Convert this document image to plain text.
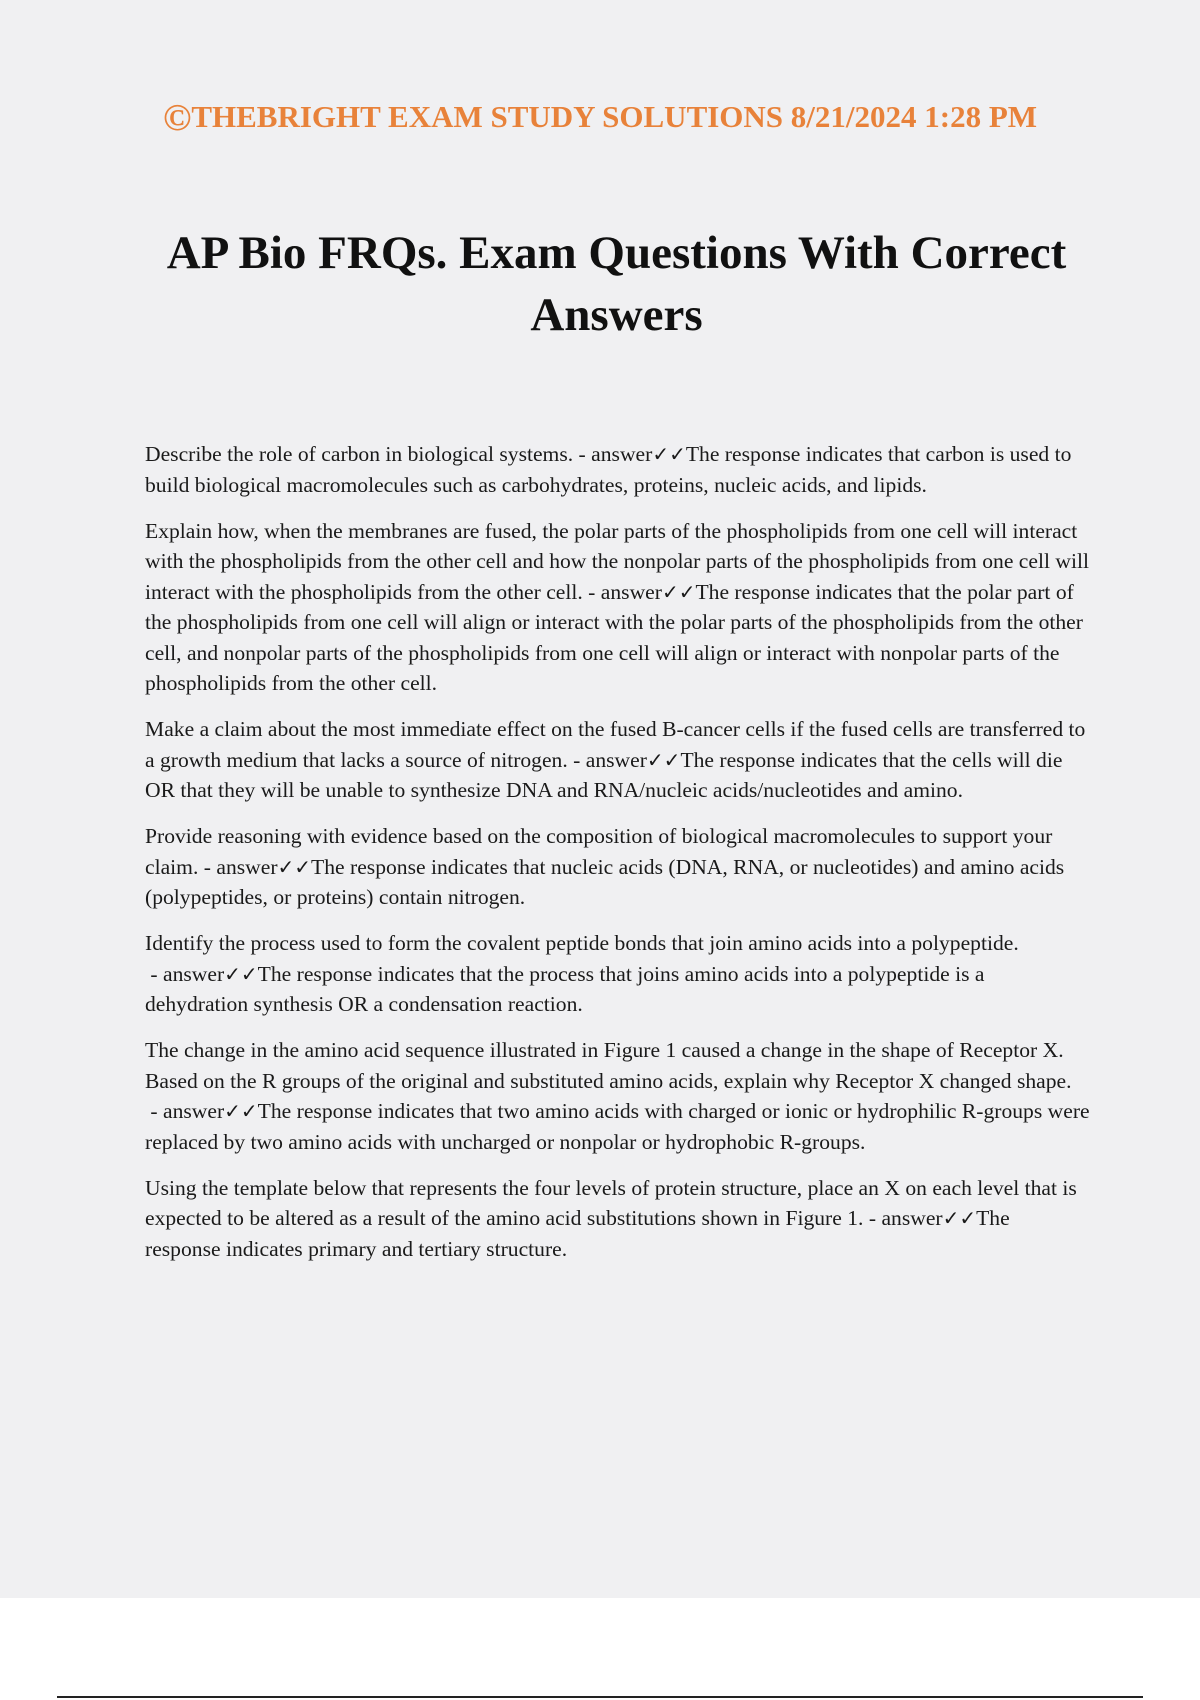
©THEBRIGHT EXAM STUDY SOLUTIONS 8/21/2024 1:28 PM
AP Bio FRQs. Exam Questions With Correct Answers

Describe the role of carbon in biological systems. - answer✓✓The response indicates that carbon is used to build biological macromolecules such as carbohydrates, proteins, nucleic acids, and lipids.

Explain how, when the membranes are fused, the polar parts of the phospholipids from one cell will interact with the phospholipids from the other cell and how the nonpolar parts of the phospholipids from one cell will interact with the phospholipids from the other cell. - answer✓✓The response indicates that the polar part of the phospholipids from one cell will align or interact with the polar parts of the phospholipids from the other cell, and nonpolar parts of the phospholipids from one cell will align or interact with nonpolar parts of the phospholipids from the other cell.

Make a claim about the most immediate effect on the fused B-cancer cells if the fused cells are transferred to a growth medium that lacks a source of nitrogen. - answer✓✓The response indicates that the cells will die OR that they will be unable to synthesize DNA and RNA/nucleic acids/nucleotides and amino.

Provide reasoning with evidence based on the composition of biological macromolecules to support your claim. - answer✓✓The response indicates that nucleic acids (DNA, RNA, or nucleotides) and amino acids (polypeptides, or proteins) contain nitrogen.

Identify the process used to form the covalent peptide bonds that join amino acids into a polypeptide. - answer✓✓The response indicates that the process that joins amino acids into a polypeptide is a dehydration synthesis OR a condensation reaction.

The change in the amino acid sequence illustrated in Figure 1 caused a change in the shape of Receptor X. Based on the R groups of the original and substituted amino acids, explain why Receptor X changed shape. - answer✓✓The response indicates that two amino acids with charged or ionic or hydrophilic R-groups were replaced by two amino acids with uncharged or nonpolar or hydrophobic R-groups.

Using the template below that represents the four levels of protein structure, place an X on each level that is expected to be altered as a result of the amino acid substitutions shown in Figure 1. - answer✓✓The response indicates primary and tertiary structure.
